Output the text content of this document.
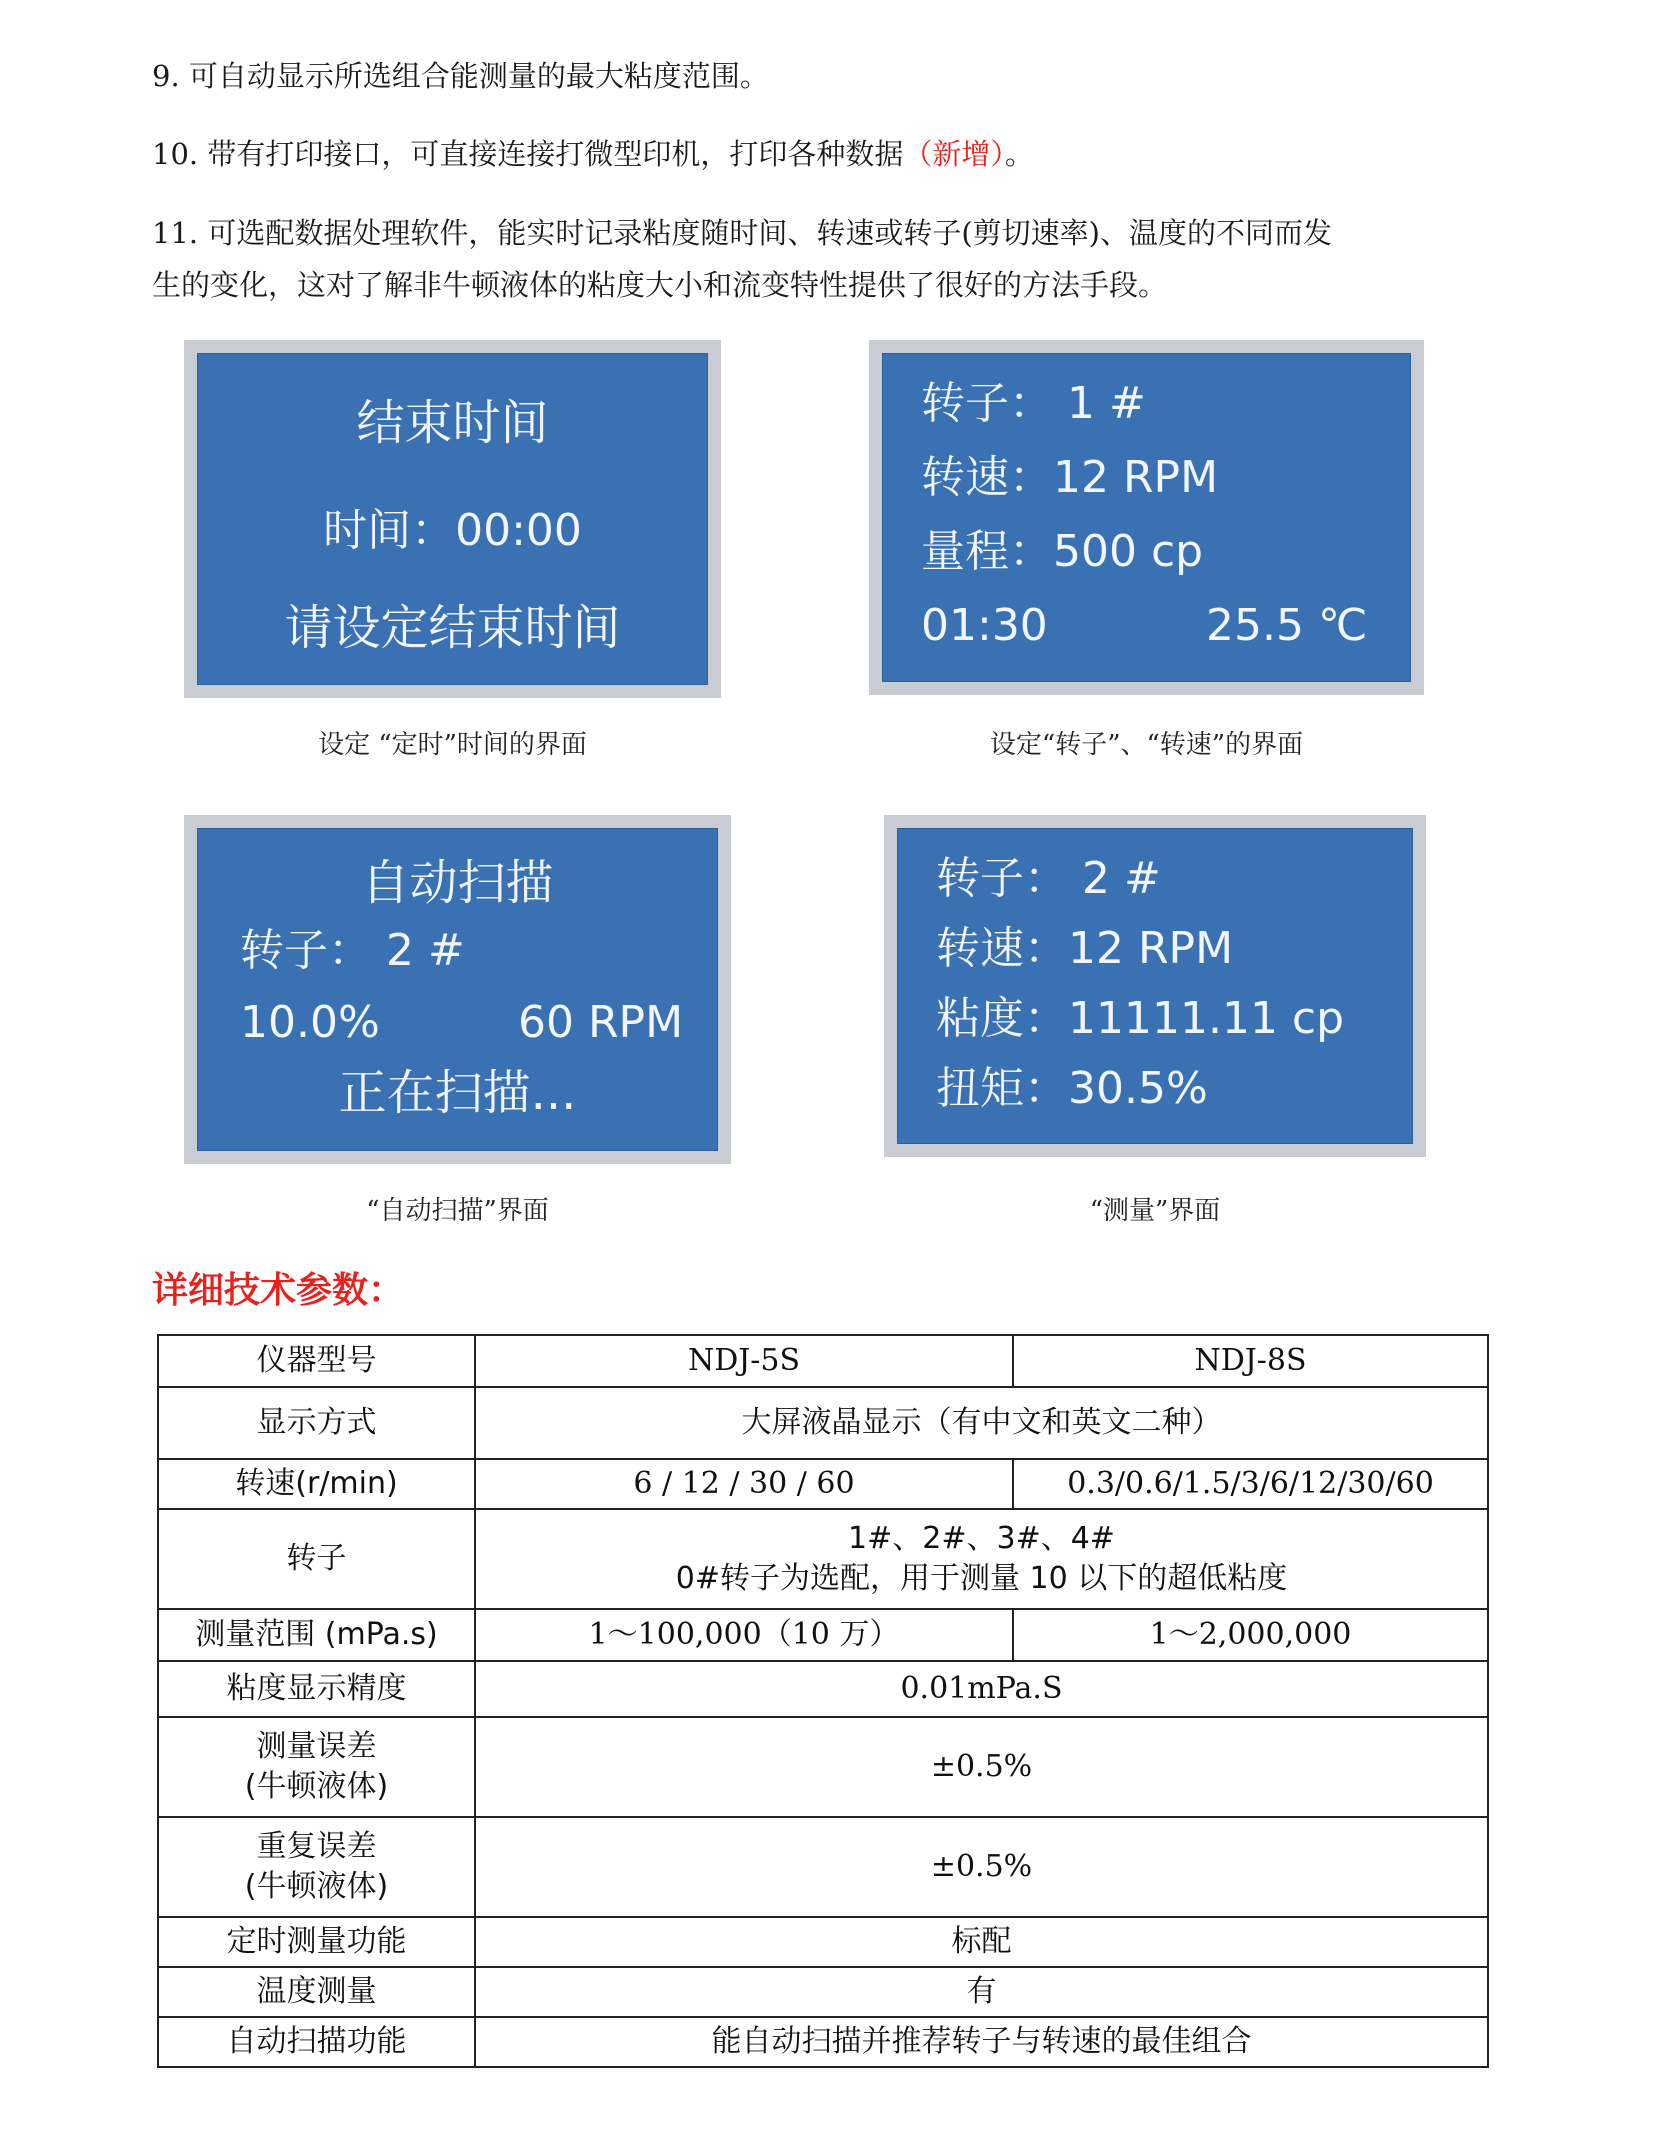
9. 可自动显示所选组合能测量的最大粘度范围。

10. 带有打印接口，可直接连接打微型印机，打印各种数据（新增）。

11. 可选配数据处理软件，能实时记录粘度随时间、转速或转子(剪切速率)、温度的不同而发
生的变化，这对了解非牛顿液体的粘度大小和流变特性提供了很好的方法手段。

结束时间
时间：00:00
请设定结束时间
设定 “定时”时间的界面
转子： 1 #
转速：12 RPM
量程：500 cp
01:30	25.5 ℃
设定“转子”、“转速”的界面
自动扫描
转子： 2 #
10.0%	60 RPM
正在扫描...
“自动扫描”界面
转子： 2 #
转速：12 RPM
粘度：11111.11 cp
扭矩：30.5%
“测量”界面
详细技术参数：
仪器型号	NDJ-5S	NDJ-8S
显示方式	大屏液晶显示（有中文和英文二种）	
转速(r/min)	6 / 12 / 30 / 60	0.3/0.6/1.5/3/6/12/30/60
转子	1#、2#、3#、4#
0#转子为选配，用于测量 10 以下的超低粘度	

测量范围 (mPa.s)	1～100,000（10 万）	1～2,000,000
粘度显示精度	0.01mPa.S	

测量误差
(牛顿液体)	±0.5%	

重复误差
(牛顿液体)	±0.5%	
定时测量功能	标配	
温度测量	有	
自动扫描功能	能自动扫描并推荐转子与转速的最佳组合	
